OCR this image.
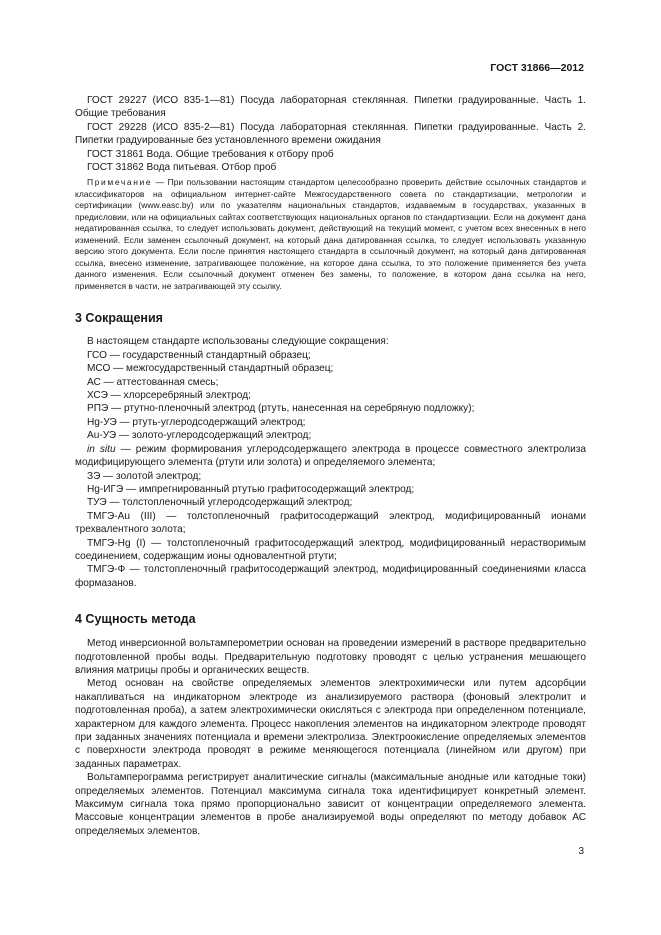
ГОСТ 31866—2012

ГОСТ 29227 (ИСО 835-1—81) Посуда лабораторная стеклянная. Пипетки градуированные. Часть 1. Общие требования

ГОСТ 29228 (ИСО 835-2—81) Посуда лабораторная стеклянная. Пипетки градуированные. Часть 2. Пипетки градуированные без установленного времени ожидания

ГОСТ 31861 Вода. Общие требования к отбору проб

ГОСТ 31862 Вода питьевая. Отбор проб

Примечание — При пользовании настоящим стандартом целесообразно проверить действие ссылочных стандартов и классификаторов на официальном интернет-сайте Межгосударственного совета по стандартизации, метрологии и сертификации (www.easc.by) или по указателям национальных стандартов, издаваемым в государствах, указанных в предисловии, или на официальных сайтах соответствующих национальных органов по стандартизации. Если на документ дана недатированная ссылка, то следует использовать документ, действующий на текущий момент, с учетом всех внесенных в него изменений. Если заменен ссылочный документ, на который дана датированная ссылка, то следует использовать указанную версию этого документа. Если после принятия настоящего стандарта в ссылочный документ, на который дана датированная ссылка, внесено изменение, затрагивающее положение, на которое дана ссылка, то это положение применяется без учета данного изменения. Если ссылочный документ отменен без замены, то положение, в котором дана ссылка на него, применяется в части, не затрагивающей эту ссылку.

3 Сокращения

В настоящем стандарте использованы следующие сокращения:

ГСО — государственный стандартный образец;

МСО — межгосударственный стандартный образец;

АС — аттестованная смесь;

ХСЭ — хлорсеребряный электрод;

РПЭ — ртутно-пленочный электрод (ртуть, нанесенная на серебряную подложку);

Hg-УЭ — ртуть-углеродсодержащий электрод;

Au-УЭ — золото-углеродсодержащий электрод;

in situ — режим формирования углеродсодержащего электрода в процессе совместного электролиза модифицирующего элемента (ртути или золота) и определяемого элемента;

ЗЭ — золотой электрод;

Hg-ИГЭ — импрегнированный ртутью графитосодержащий электрод;

ТУЭ — толстопленочный углеродсодержащий электрод;

ТМГЭ-Au (III) — толстопленочный графитосодержащий электрод, модифицированный ионами трехвалентного золота;

ТМГЭ-Hg (I) — толстопленочный графитосодержащий электрод, модифицированный нерастворимым соединением, содержащим ионы одновалентной ртути;

ТМГЭ-Ф — толстопленочный графитосодержащий электрод, модифицированный соединениями класса формазанов.

4 Сущность метода

Метод инверсионной вольтамперометрии основан на проведении измерений в растворе предварительно подготовленной пробы воды. Предварительную подготовку проводят с целью устранения мешающего влияния матрицы пробы и органических веществ.

Метод основан на свойстве определяемых элементов электрохимически или путем адсорбции накапливаться на индикаторном электроде из анализируемого раствора (фоновый электролит и подготовленная проба), а затем электрохимически окисляться с электрода при определенном потенциале, характерном для каждого элемента. Процесс накопления элементов на индикаторном электроде проводят при заданных значениях потенциала и времени электролиза. Электроокисление определяемых элементов с поверхности электрода проводят в режиме меняющегося потенциала (линейном или другом) при заданных параметрах.

Вольтамперограмма регистрирует аналитические сигналы (максимальные анодные или катодные токи) определяемых элементов. Потенциал максимума сигнала тока идентифицирует конкретный элемент. Максимум сигнала тока прямо пропорционально зависит от концентрации определяемого элемента. Массовые концентрации элементов в пробе анализируемой воды определяют по методу добавок АС определяемых элементов.

3
